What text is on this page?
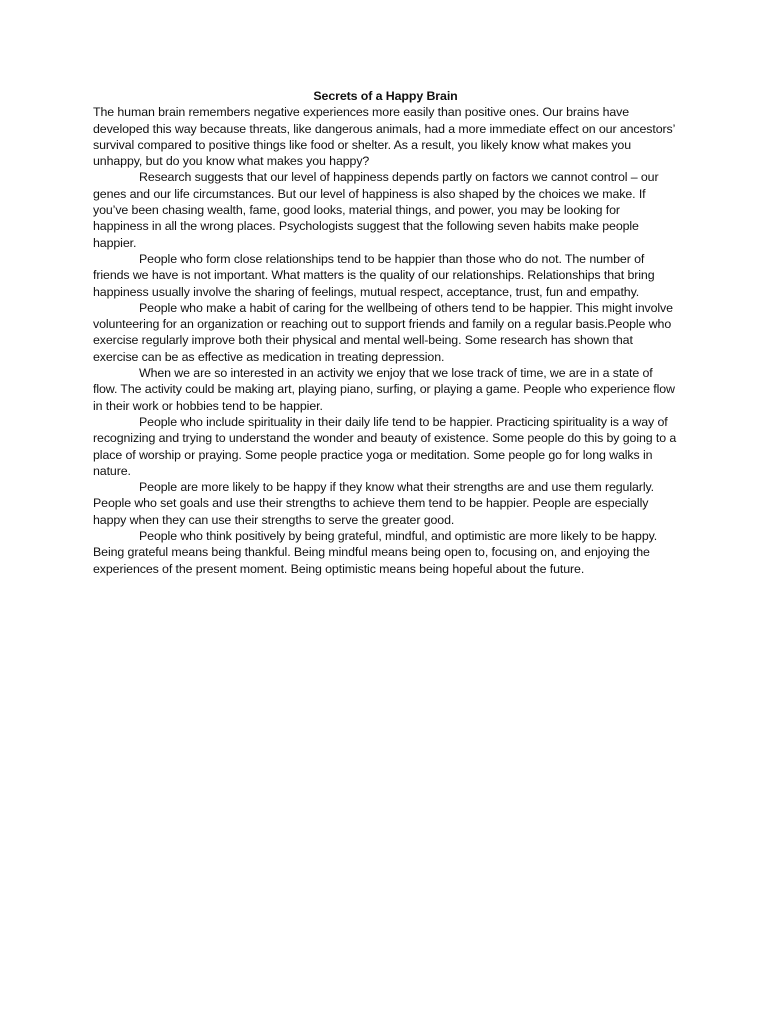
Secrets of a Happy Brain

The human brain remembers negative experiences more easily than positive ones. Our brains have developed this way because threats, like dangerous animals, had a more immediate effect on our ancestors’ survival compared to positive things like food or shelter. As a result, you likely know what makes you unhappy, but do you know what makes you happy?

Research suggests that our level of happiness depends partly on factors we cannot control – our genes and our life circumstances. But our level of happiness is also shaped by the choices we make. If you’ve been chasing wealth, fame, good looks, material things, and power, you may be looking for happiness in all the wrong places. Psychologists suggest that the following seven habits make people happier.

People who form close relationships tend to be happier than those who do not. The number of friends we have is not important. What matters is the quality of our relationships. Relationships that bring happiness usually involve the sharing of feelings, mutual respect, acceptance, trust, fun and empathy.

People who make a habit of caring for the wellbeing of others tend to be happier. This might involve volunteering for an organization or reaching out to support friends and family on a regular basis.People who exercise regularly improve both their physical and mental well-being. Some research has shown that exercise can be as effective as medication in treating depression.

When we are so interested in an activity we enjoy that we lose track of time, we are in a state of flow. The activity could be making art, playing piano, surfing, or playing a game. People who experience flow in their work or hobbies tend to be happier.

People who include spirituality in their daily life tend to be happier. Practicing spirituality is a way of recognizing and trying to understand the wonder and beauty of existence. Some people do this by going to a place of worship or praying. Some people practice yoga or meditation. Some people go for long walks in nature.

People are more likely to be happy if they know what their strengths are and use them regularly. People who set goals and use their strengths to achieve them tend to be happier. People are especially happy when they can use their strengths to serve the greater good.

People who think positively by being grateful, mindful, and optimistic are more likely to be happy. Being grateful means being thankful. Being mindful means being open to, focusing on, and enjoying the experiences of the present moment. Being optimistic means being hopeful about the future.
